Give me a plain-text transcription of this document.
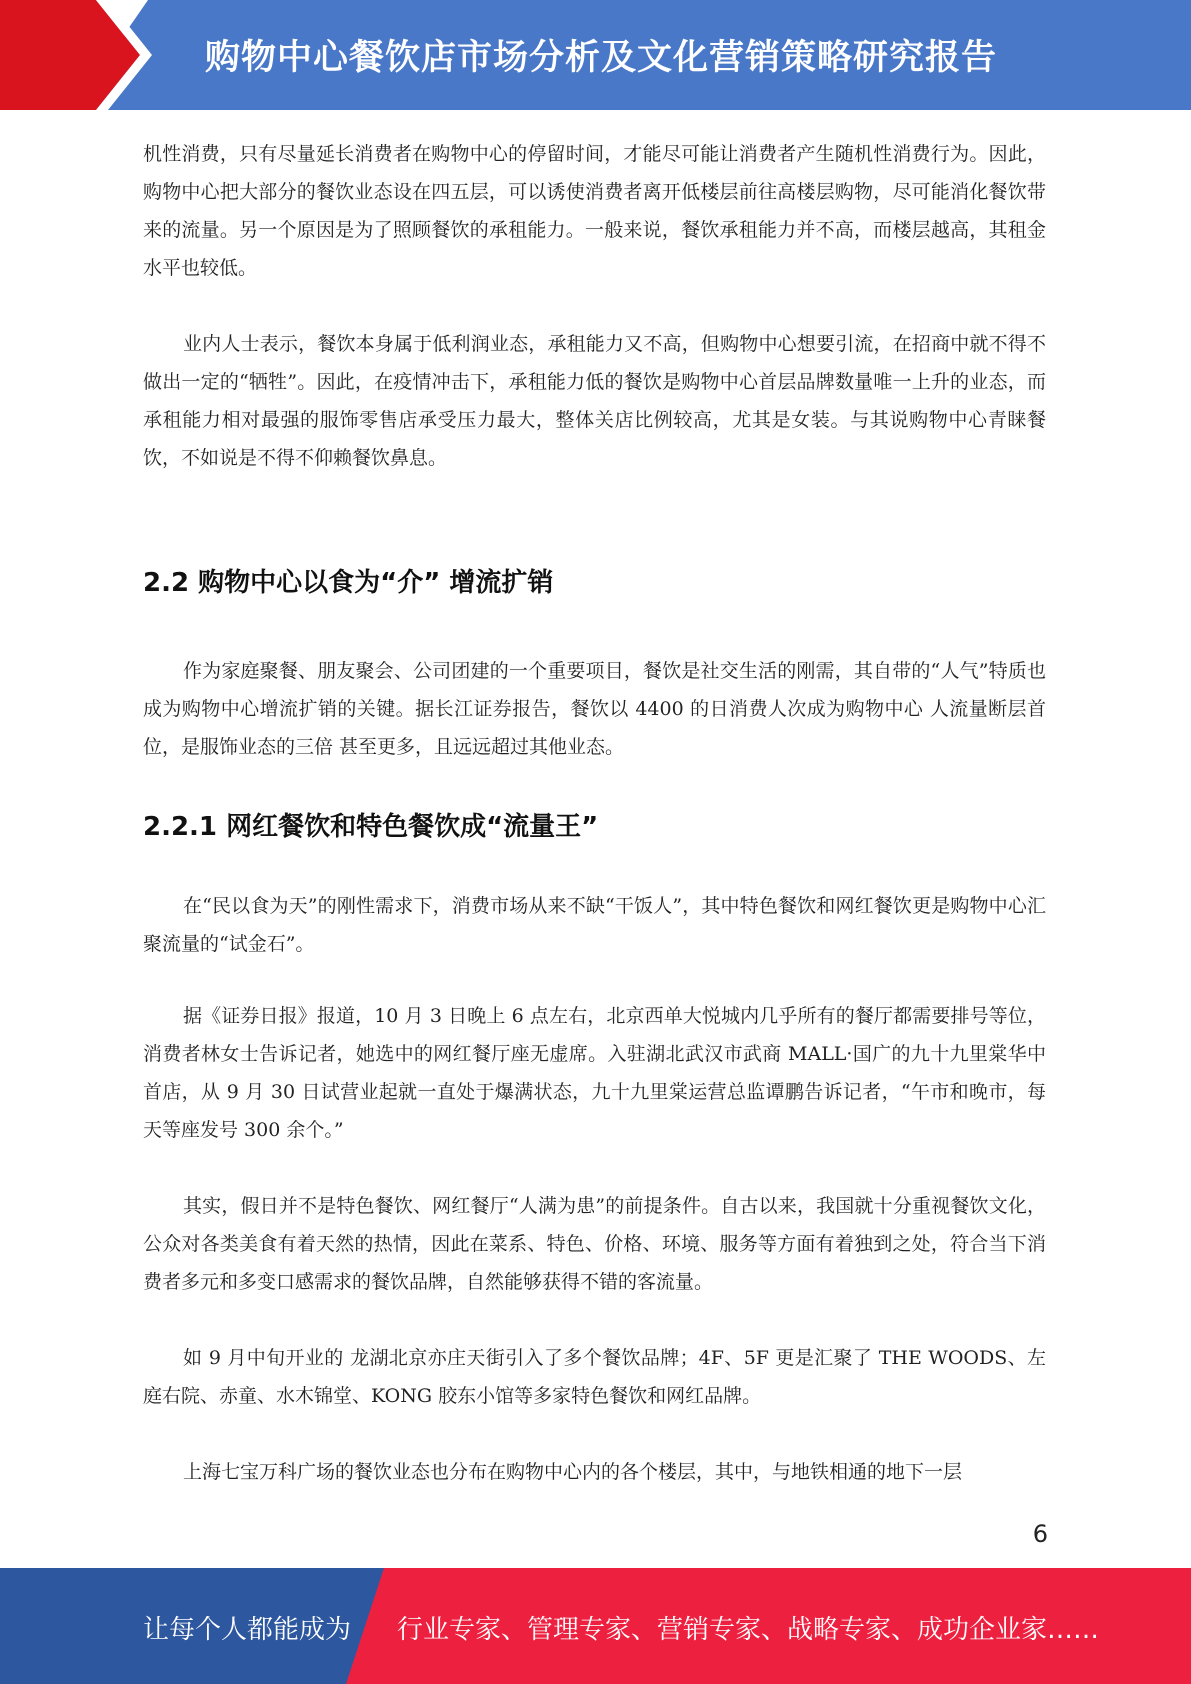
购物中心餐饮店市场分析及文化营销策略研究报告

机性消费，只有尽量延长消费者在购物中心的停留时间，才能尽可能让消费者产生随机性消费行为。因此，购物中心把大部分的餐饮业态设在四五层，可以诱使消费者离开低楼层前往高楼层购物，尽可能消化餐饮带来的流量。另一个原因是为了照顾餐饮的承租能力。一般来说，餐饮承租能力并不高，而楼层越高，其租金水平也较低。

业内人士表示，餐饮本身属于低利润业态，承租能力又不高，但购物中心想要引流，在招商中就不得不做出一定的“牺牲”。因此，在疫情冲击下，承租能力低的餐饮是购物中心首层品牌数量唯一上升的业态，而承租能力相对最强的服饰零售店承受压力最大，整体关店比例较高，尤其是女装。与其说购物中心青睐餐饮，不如说是不得不仰赖餐饮鼻息。

2.2 购物中心以食为“介” 增流扩销

作为家庭聚餐、朋友聚会、公司团建的一个重要项目，餐饮是社交生活的刚需，其自带的“人气”特质也成为购物中心增流扩销的关键。据长江证券报告，餐饮以 4400 的日消费人次成为购物中心 人流量断层首位，是服饰业态的三倍 甚至更多，且远远超过其他业态。

2.2.1 网红餐饮和特色餐饮成“流量王”

在“民以食为天”的刚性需求下，消费市场从来不缺“干饭人”，其中特色餐饮和网红餐饮更是购物中心汇聚流量的“试金石”。

据《证券日报》报道，10 月 3 日晚上 6 点左右，北京西单大悦城内几乎所有的餐厅都需要排号等位，消费者林女士告诉记者，她选中的网红餐厅座无虚席。入驻湖北武汉市武商 MALL·国广的九十九里棠华中首店，从 9 月 30 日试营业起就一直处于爆满状态，九十九里棠运营总监谭鹏告诉记者，“午市和晚市，每天等座发号 300 余个。”

其实，假日并不是特色餐饮、网红餐厅“人满为患”的前提条件。自古以来，我国就十分重视餐饮文化，公众对各类美食有着天然的热情，因此在菜系、特色、价格、环境、服务等方面有着独到之处，符合当下消费者多元和多变口感需求的餐饮品牌，自然能够获得不错的客流量。

如 9 月中旬开业的 龙湖北京亦庄天街引入了多个餐饮品牌；4F、5F 更是汇聚了 THE WOODS、左庭右院、赤童、水木锦堂、KONG 胶东小馆等多家特色餐饮和网红品牌。

上海七宝万科广场的餐饮业态也分布在购物中心内的各个楼层，其中，与地铁相通的地下一层

6
让每个人都能成为 行业专家、管理专家、营销专家、战略专家、成功企业家……
